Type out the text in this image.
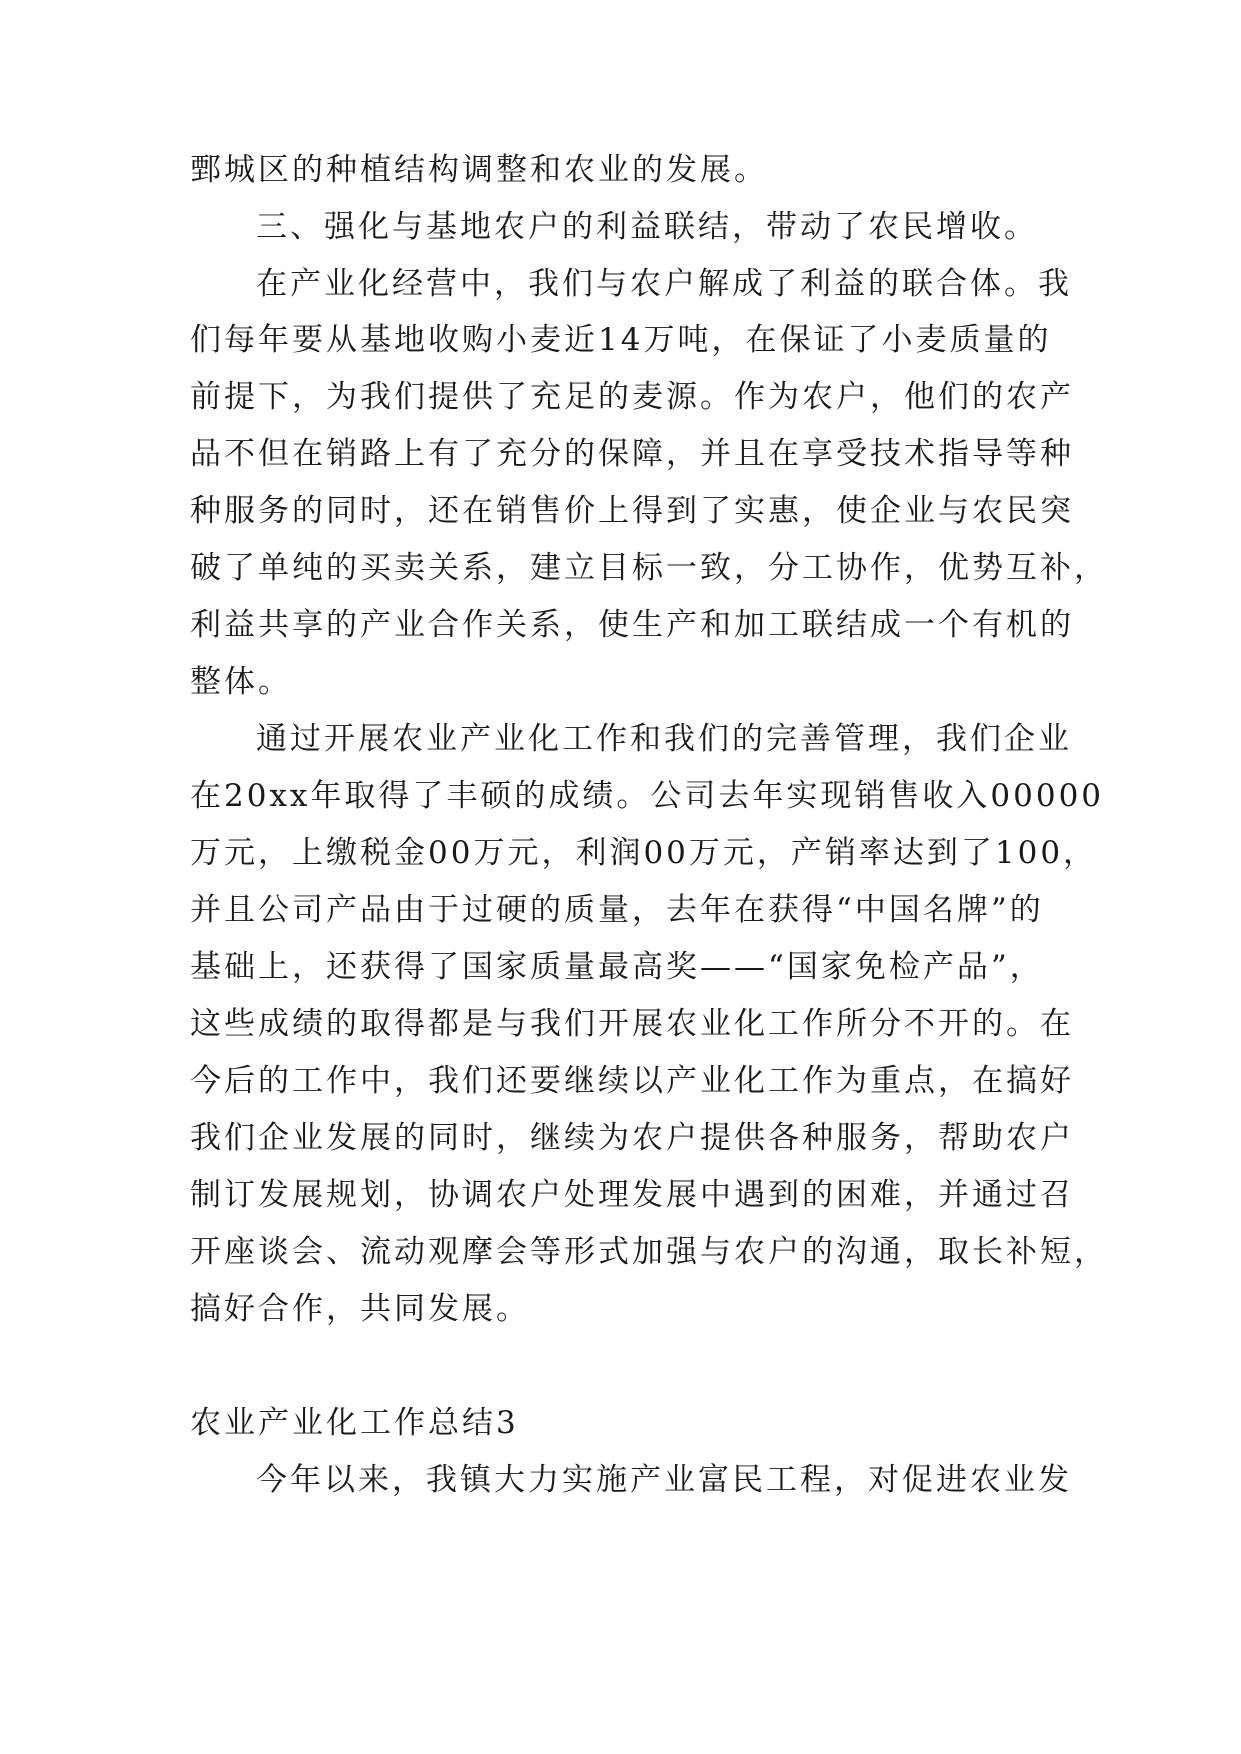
鄄城区的种植结构调整和农业的发展。
三、强化与基地农户的利益联结，带动了农民增收。
在产业化经营中，我们与农户解成了利益的联合体。我
们每年要从基地收购小麦近14万吨，在保证了小麦质量的
前提下，为我们提供了充足的麦源。作为农户，他们的农产
品不但在销路上有了充分的保障，并且在享受技术指导等种
种服务的同时，还在销售价上得到了实惠，使企业与农民突
破了单纯的买卖关系，建立目标一致，分工协作，优势互补，
利益共享的产业合作关系，使生产和加工联结成一个有机的
整体。
通过开展农业产业化工作和我们的完善管理，我们企业
在20xx年取得了丰硕的成绩。公司去年实现销售收入00000
万元，上缴税金00万元，利润00万元，产销率达到了100，
并且公司产品由于过硬的质量，去年在获得“中国名牌”的
基础上，还获得了国家质量最高奖——“国家免检产品”，
这些成绩的取得都是与我们开展农业化工作所分不开的。在
今后的工作中，我们还要继续以产业化工作为重点，在搞好
我们企业发展的同时，继续为农户提供各种服务，帮助农户
制订发展规划，协调农户处理发展中遇到的困难，并通过召
开座谈会、流动观摩会等形式加强与农户的沟通，取长补短，
搞好合作，共同发展。
农业产业化工作总结3
今年以来，我镇大力实施产业富民工程，对促进农业发
